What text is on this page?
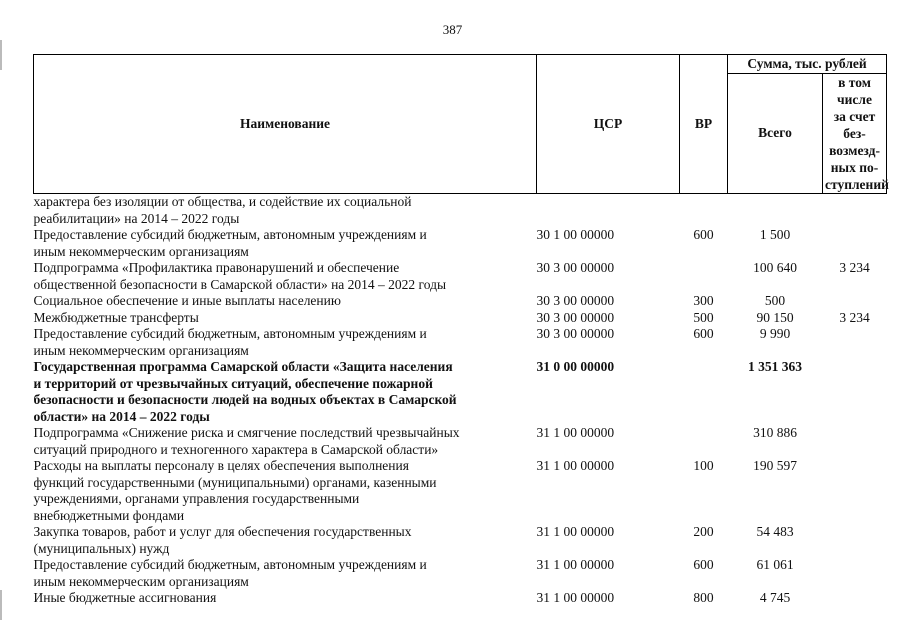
387
Наименование	ЦСР	ВР	Сумма, тыс. рублей	
			Всего	в том числе
за счет без-
возмезд-
ных по-
ступлений

характера без изоляции от общества, и содействие их социальной
реабилитации» на 2014 – 2022 годы				

Предоставление субсидий бюджетным, автономным учреждениям и
иным некоммерческим организациям	30 1 00 00000	600	1 500	

Подпрограмма «Профилактика правонарушений и обеспечение
общественной безопасности в Самарской области» на 2014 – 2022 годы	30 3 00 00000		100 640	3 234

Социальное обеспечение и иные выплаты населению	30 3 00 00000	300	500	

Межбюджетные трансферты	30 3 00 00000	500	90 150	3 234

Предоставление субсидий бюджетным, автономным учреждениям и
иным некоммерческим организациям	30 3 00 00000	600	9 990	

Государственная программа Самарской области «Защита населения
и территорий от чрезвычайных ситуаций, обеспечение пожарной
безопасности и безопасности людей на водных объектах в Самарской
области» на 2014 – 2022 годы	31 0 00 00000		1 351 363	

Подпрограмма «Снижение риска и смягчение последствий чрезвычайных
ситуаций природного и техногенного характера в Самарской области»	31 1 00 00000		310 886	

Расходы на выплаты персоналу в целях обеспечения выполнения
функций государственными (муниципальными) органами, казенными
учреждениями, органами управления государственными
внебюджетными фондами	31 1 00 00000	100	190 597	

Закупка товаров, работ и услуг для обеспечения государственных
(муниципальных) нужд	31 1 00 00000	200	54 483	

Предоставление субсидий бюджетным, автономным учреждениям и
иным некоммерческим организациям	31 1 00 00000	600	61 061	

Иные бюджетные ассигнования	31 1 00 00000	800	4 745	
